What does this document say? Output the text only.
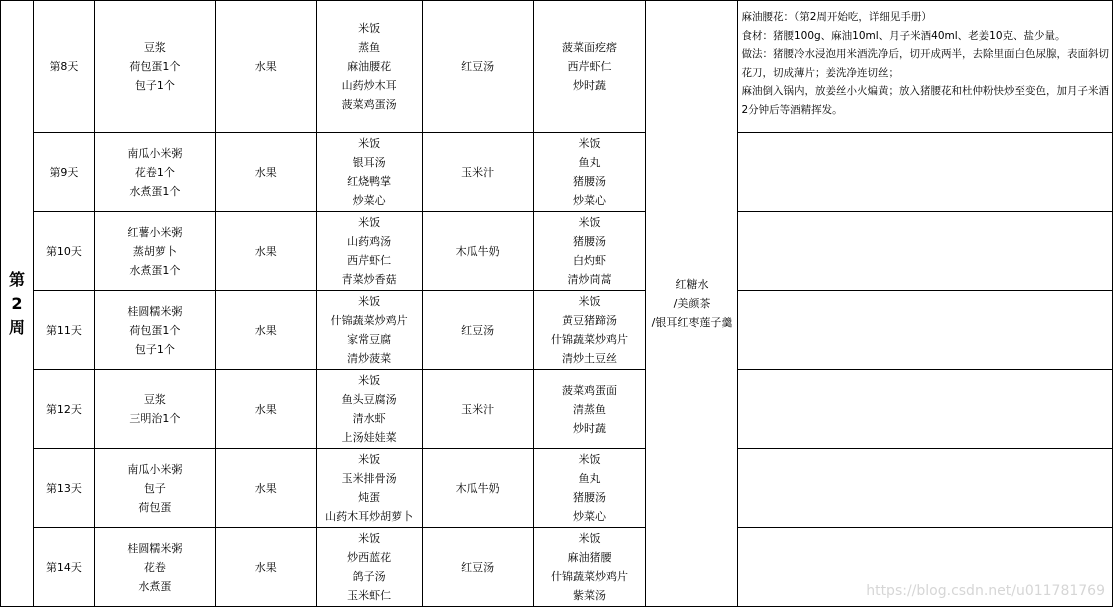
第
2
周	第8天	豆浆
荷包蛋1个
包子1个	水果	米饭
蒸鱼
麻油腰花
山药炒木耳
菠菜鸡蛋汤	红豆汤	菠菜面疙瘩
西芹虾仁
炒时蔬	红糖水
/美颜茶
/银耳红枣莲子羹	麻油腰花：（第2周开始吃，详细见手册）
食材：猪腰100g、麻油10ml、月子米酒40ml、老姜10克、盐少量。
做法：猪腰冷水浸泡用米酒洗净后，切开成两半，去除里面白色尿腺，表面斜切花刀，切成薄片；姜洗净连切丝；
麻油倒入锅内，放姜丝小火煸黄；放入猪腰花和杜仲粉快炒至变色，加月子米酒2分钟后等酒精挥发。

	第9天	南瓜小米粥
花卷1个
水煮蛋1个	水果	米饭
银耳汤
红烧鸭掌
炒菜心	玉米汁	米饭
鱼丸
猪腰汤
炒菜心		

	第10天	红薯小米粥
蒸胡萝卜
水煮蛋1个	水果	米饭
山药鸡汤
西芹虾仁
青菜炒香菇	木瓜牛奶	米饭
猪腰汤
白灼虾
清炒茼蒿		

	第11天	桂圆糯米粥
荷包蛋1个
包子1个	水果	米饭
什锦蔬菜炒鸡片
家常豆腐
清炒菠菜	红豆汤	米饭
黄豆猪蹄汤
什锦蔬菜炒鸡片
清炒土豆丝		

	第12天	豆浆
三明治1个	水果	米饭
鱼头豆腐汤
清水虾
上汤娃娃菜	玉米汁	菠菜鸡蛋面
清蒸鱼
炒时蔬		

	第13天	南瓜小米粥
包子
荷包蛋	水果	米饭
玉米排骨汤
炖蛋
山药木耳炒胡萝卜	木瓜牛奶	米饭
鱼丸
猪腰汤
炒菜心		

	第14天	桂圆糯米粥
花卷
水煮蛋	水果	米饭
炒西蓝花
鸽子汤
玉米虾仁	红豆汤	米饭
麻油猪腰
什锦蔬菜炒鸡片
紫菜汤		
		https://blog.csdn.net/u011781769
